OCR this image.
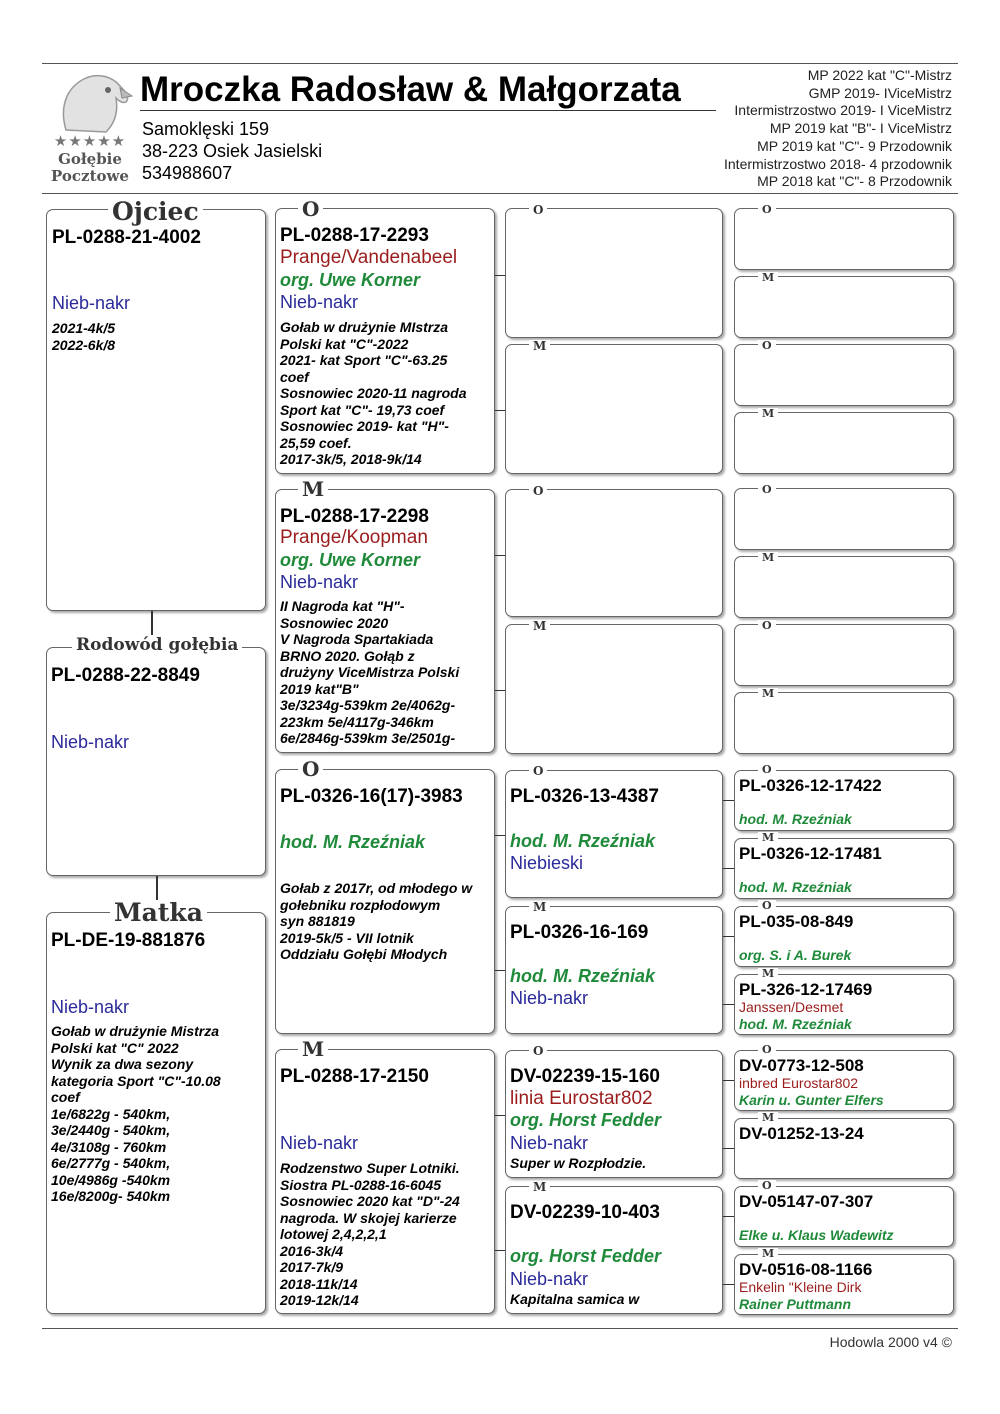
★★★★★
Gołębie
Pocztowe
Mroczka Radosław & Małgorzata
Samoklęski 159
38-223 Osiek Jasielski
534988607
MP 2022 kat "C"-Mistrz
GMP 2019- IViceMistrz
Intermistrzostwo 2019- I ViceMistrz
MP 2019 kat "B"- I ViceMistrz
MP 2019 kat "C"- 9 Przodownik
Intermistrzostwo 2018- 4 przodownik
MP 2018 kat "C"- 8 Przodownik
PL-0288-21-4002
Nieb-nakr
2021-4k/5
2022-6k/8
Ojciec
PL-0288-22-8849
Nieb-nakr
Rodowód gołębia
PL-DE-19-881876
Nieb-nakr
Gołab w drużynie Mistrza
Polski kat "C" 2022
Wynik za dwa sezony
kategoria Sport "C"-10.08
coef
1e/6822g - 540km,
3e/2440g - 540km,
4e/3108g - 760km
6e/2777g - 540km,
10e/4986g -540km
16e/8200g- 540km
Matka
PL-0288-17-2293
Prange/Vandenabeel
org. Uwe Korner
Nieb-nakr
Gołab w drużynie MIstrza
Polski kat "C"-2022
2021- kat Sport "C"-63.25
coef
Sosnowiec 2020-11 nagroda
Sport kat "C"- 19,73 coef
Sosnowiec 2019- kat "H"-
25,59 coef.
2017-3k/5, 2018-9k/14
O
PL-0288-17-2298
Prange/Koopman
org. Uwe Korner
Nieb-nakr
II Nagroda kat "H"-
Sosnowiec 2020
V Nagroda Spartakiada
BRNO 2020. Gołąb z
drużyny ViceMistrza Polski
2019 kat"B"
3e/3234g-539km 2e/4062g-
223km 5e/4117g-346km
6e/2846g-539km 3e/2501g-
M
PL-0326-16(17)-3983
hod. M. Rzeźniak
Gołab z 2017r, od młodego w
gołebniku rozpłodowym
syn 881819
2019-5k/5 - VII lotnik
Oddziału Gołębi Młodych
O
PL-0288-17-2150
Nieb-nakr
Rodzenstwo Super Lotniki.
Siostra PL-0288-16-6045
Sosnowiec 2020 kat "D"-24
nagroda. W skojej karierze
lotowej 2,4,2,2,1
2016-3k/4
2017-7k/9
2018-11k/14
2019-12k/14
M
O
M
O
M
PL-0326-13-4387
hod. M. Rzeźniak
Niebieski
O
PL-0326-16-169
hod. M. Rzeźniak
Nieb-nakr
M
DV-02239-15-160
linia Eurostar802
org. Horst Fedder
Nieb-nakr
Super w Rozpłodzie.
O
DV-02239-10-403
org. Horst Fedder
Nieb-nakr
Kapitalna samica w
M
O
M
O
M
O
M
O
M
PL-0326-12-17422
hod. M. Rzeźniak
O
PL-0326-12-17481
hod. M. Rzeźniak
M
PL-035-08-849
org. S. i A. Burek
O
PL-326-12-17469
Janssen/Desmet
hod. M. Rzeźniak
M
DV-0773-12-508
inbred Eurostar802
Karin u. Gunter Elfers
O
DV-01252-13-24
M
DV-05147-07-307
Elke u. Klaus Wadewitz
O
DV-0516-08-1166
Enkelin "Kleine Dirk
Rainer Puttmann
M
Hodowla 2000 v4 ©
